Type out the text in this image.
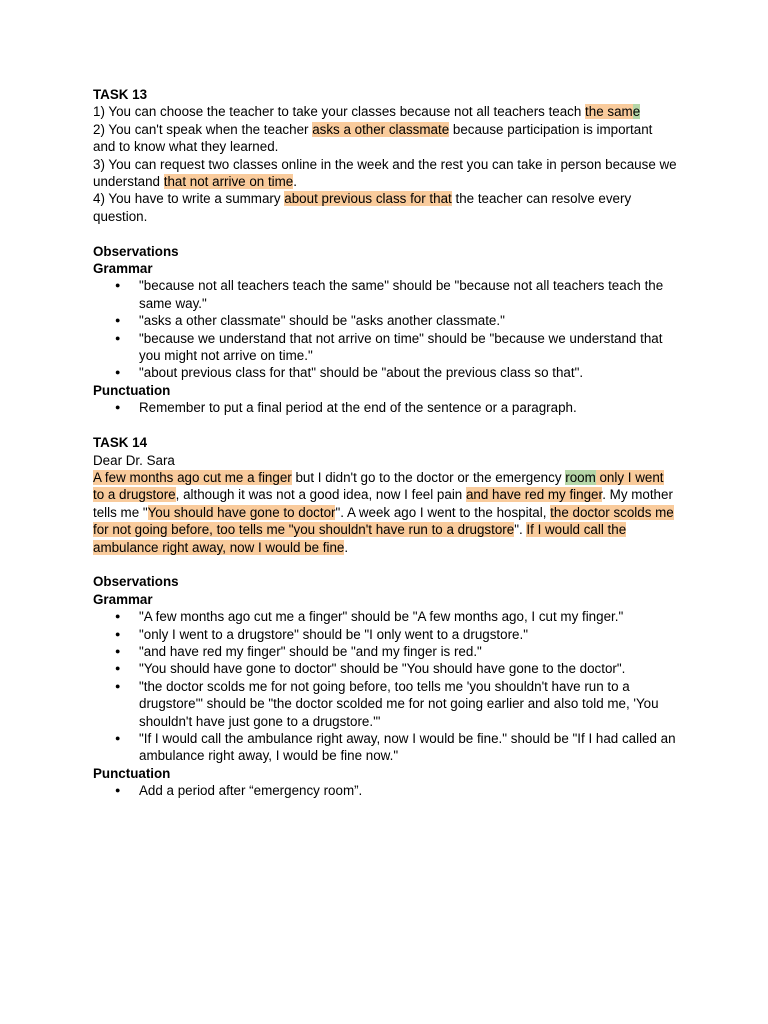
TASK 13

1) You can choose the teacher to take your classes because not all teachers teach the same

2) You can't speak when the teacher asks a other classmate because participation is important and to know what they learned.

3) You can request two classes online in the week and the rest you can take in person because we understand that not arrive on time.

4) You have to write a summary about previous class for that the teacher can resolve every question.

Observations

Grammar

● "because not all teachers teach the same" should be "because not all teachers teach the same way."
● "asks a other classmate" should be "asks another classmate."
● "because we understand that not arrive on time" should be "because we understand that you might not arrive on time."
● "about previous class for that" should be "about the previous class so that".

Punctuation

● Remember to put a final period at the end of the sentence or a paragraph.

TASK 14

Dear Dr. Sara

A few months ago cut me a finger but I didn't go to the doctor or the emergency room only I went to a drugstore, although it was not a good idea, now I feel pain and have red my finger. My mother tells me "You should have gone to doctor". A week ago I went to the hospital, the doctor scolds me for not going before, too tells me "you shouldn't have run to a drugstore". If I would call the ambulance right away, now I would be fine.

Observations

Grammar

● "A few months ago cut me a finger" should be "A few months ago, I cut my finger."
● "only I went to a drugstore" should be "I only went to a drugstore."
● "and have red my finger" should be "and my finger is red."
● "You should have gone to doctor" should be "You should have gone to the doctor".
● "the doctor scolds me for not going before, too tells me 'you shouldn't have run to a drugstore'" should be "the doctor scolded me for not going earlier and also told me, 'You shouldn't have just gone to a drugstore.'"
● "If I would call the ambulance right away, now I would be fine." should be "If I had called an ambulance right away, I would be fine now."

Punctuation

● Add a period after “emergency room”.
